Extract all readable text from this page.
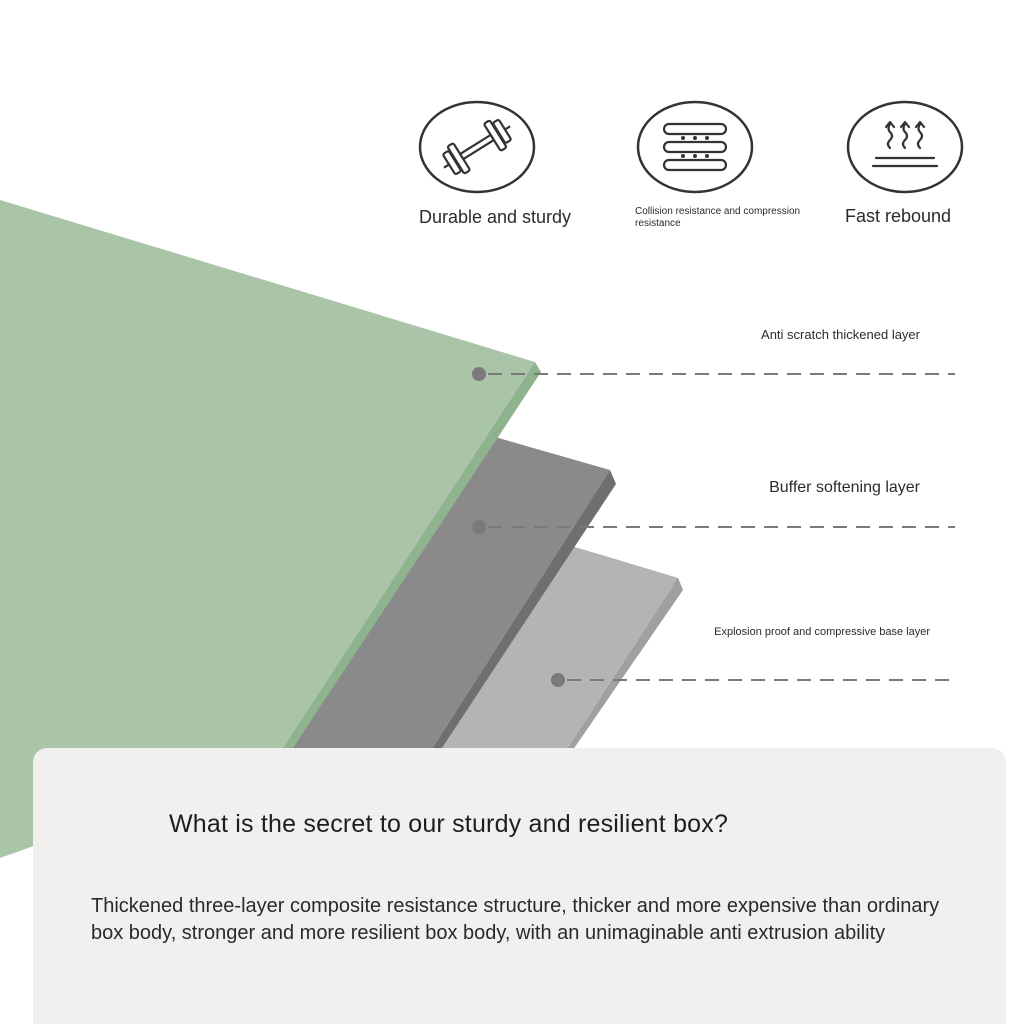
Durable and sturdy	Collision resistance and compression resistance	Fast rebound
Anti scratch thickened layer
Buffer softening layer
Explosion proof and compressive base layer
What is the secret to our sturdy and resilient box?

Thickened three-layer composite resistance structure, thicker and more expensive than ordinary box body, stronger and more resilient box body, with an unimaginable anti extrusion ability
